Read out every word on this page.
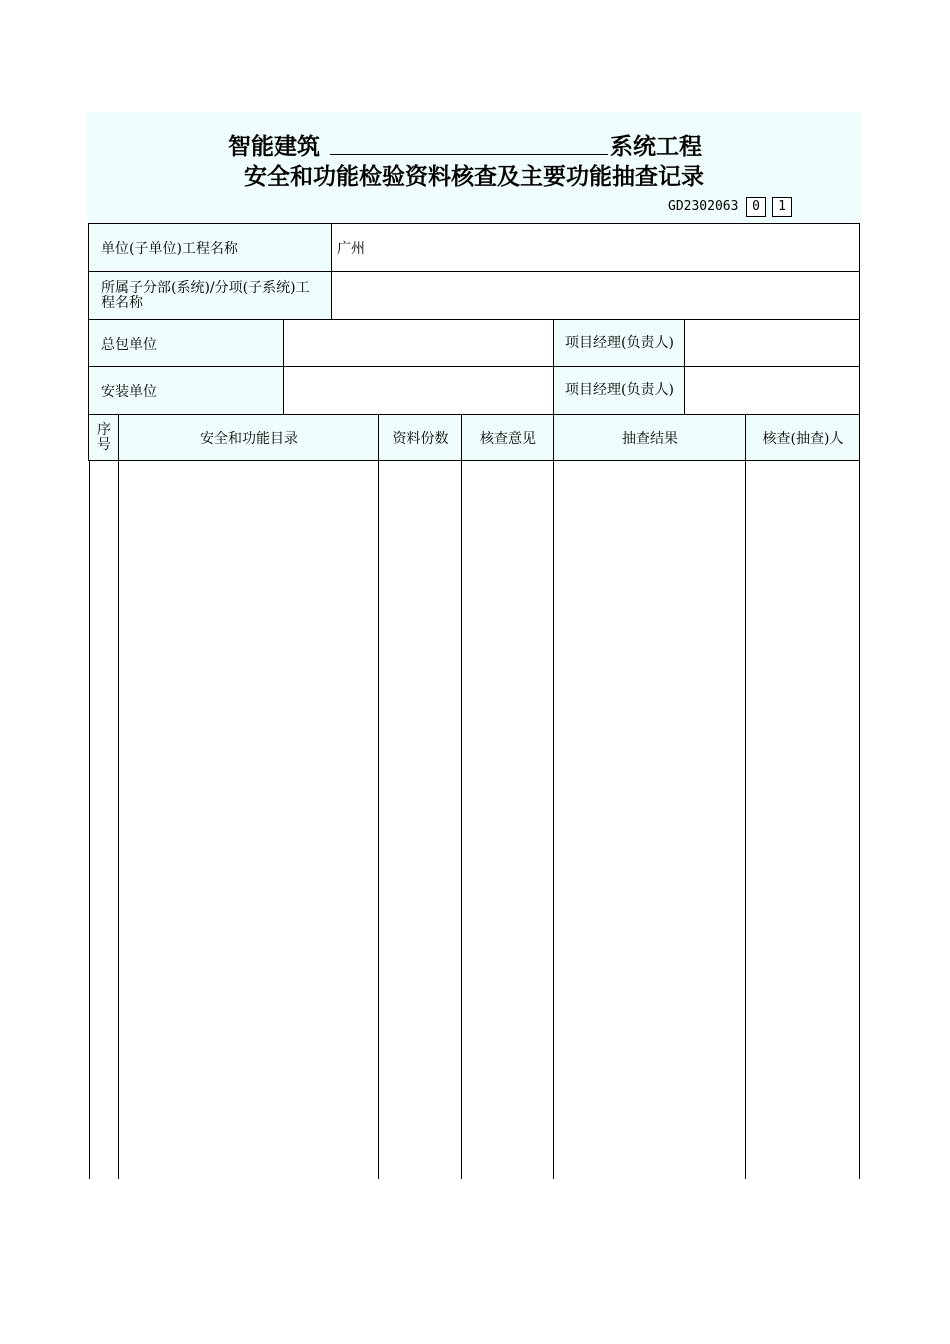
智能建筑	系统工程
安全和功能检验资料核查及主要功能抽查记录
GD2302063	0	1
单位(子单位)工程名称	广州
所属子分部(系统)/分项(子系统)工程名称
总包单位	项目经理(负责人)
安装单位	项目经理(负责人)
序号	安全和功能目录	资料份数 核查意见	抽查结果	核查(抽查)人
